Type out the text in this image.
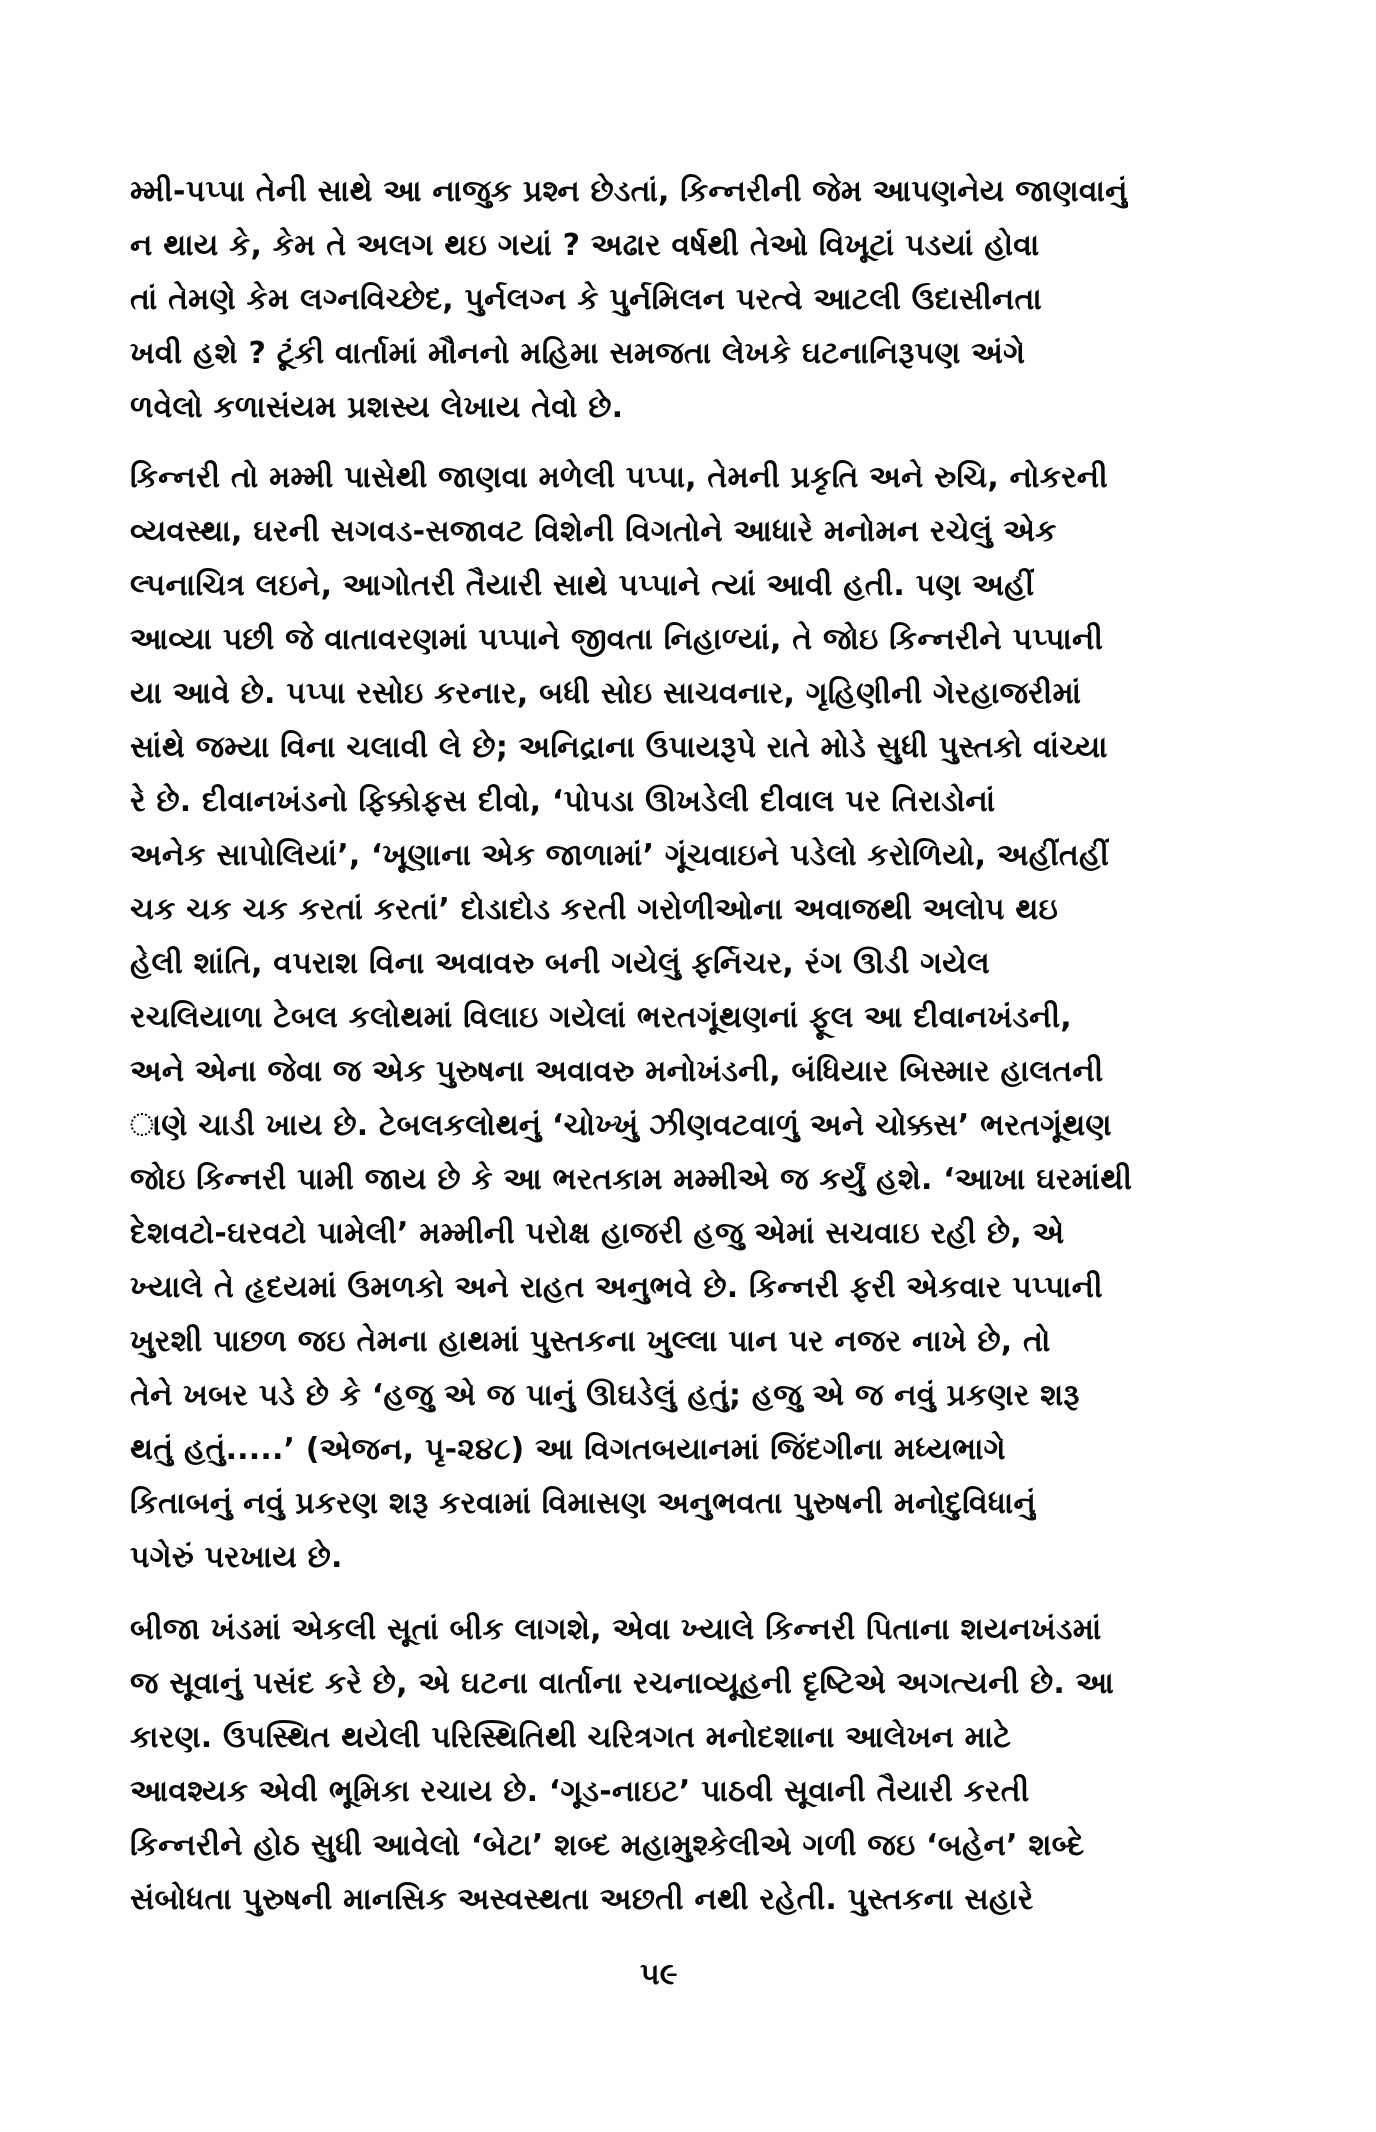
મ્મી-પપ્પા તેની સાથે આ નાજુક પ્રશ્ન છેડતાં, કિન્નરીની જેમ આપણનેય જાણવાનું
ન થાય કે, કેમ તે અલગ થઇ ગયાં ? અઢાર વર્ષથી તેઓ વિખૂટાં પડયાં હોવા
તાં તેમણે કેમ લગ્નવિચ્છેદ, પુર્નલગ્ન કે પુર્નમિલન પરત્વે આટલી ઉદાસીનતા
ખવી હશે ? ટૂંકી વાર્તામાં મૌનનો મહિમા સમજતા લેખકે ઘટનાનિરૂપણ અંગે
ળવેલો કળાસંયમ પ્રશસ્ય લેખાય તેવો છે.
કિન્નરી તો મમ્મી પાસેથી જાણવા મળેલી પપ્પા, તેમની પ્રકૃતિ અને રુચિ, નોકરની
વ્યવસ્થા, ઘરની સગવડ-સજાવટ વિશેની વિગતોને આધારે મનોમન રચેલું એક
લ્પનાચિત્ર લઇને, આગોતરી તૈયારી સાથે પપ્પાને ત્યાં આવી હતી. પણ અહીં
આવ્યા પછી જે વાતાવરણમાં પપ્પાને જીવતા નિહાળ્યાં, તે જોઇ કિન્નરીને પપ્પાની
યા આવે છે. પપ્પા રસોઇ કરનાર, બધી સોઇ સાચવનાર, ગૃહિણીની ગેરહાજરીમાં
સાંથે જમ્યા વિના ચલાવી લે છે; અનિદ્રાના ઉપાયરૂપે રાતે મોડે સુધી પુસ્તકો વાંચ્યા
રે છે. દીવાનખંડનો ફિક્કોફસ દીવો, ‘પોપડા ઊખડેલી દીવાલ પર તિરાડોનાં
અનેક સાપોલિયાં’, ‘ખૂણાના એક જાળામાં’ ગૂંચવાઇને પડેલો કરોળિયો, અહીંતહીં
ચક ચક ચક કરતાં કરતાં’ દોડાદોડ કરતી ગરોળીઓના અવાજથી અલોપ થઇ
હેલી શાંતિ, વપરાશ વિના અવાવરુ બની ગયેલું ફર્નિચર, રંગ ઊડી ગયેલ
રચલિયાળા ટેબલ કલોથમાં વિલાઇ ગયેલાં ભરતગૂંથણનાં ફૂલ આ દીવાનખંડની,
અને એના જેવા જ એક પુરુષના અવાવરુ મનોખંડની, બંધિયાર બિસ્માર હાલતની
ાણે ચાડી ખાય છે. ટેબલકલોથનું ‘ચોખ્ખું ઝીણવટવાળું અને ચોક્કસ’ ભરતગૂંથણ
જોઇ કિન્નરી પામી જાય છે કે આ ભરતકામ મમ્મીએ જ કર્યું હશે. ‘આખા ઘરમાંથી
દેશવટો-ઘરવટો પામેલી’ મમ્મીની પરોક્ષ હાજરી હજુ એમાં સચવાઇ રહી છે, એ
ખ્યાલે તે હૃદયમાં ઉમળકો અને રાહત અનુભવે છે. કિન્નરી ફરી એકવાર પપ્પાની
ખુરશી પાછળ જઇ તેમના હાથમાં પુસ્તકના ખુલ્લા પાન પર નજર નાખે છે, તો
તેને ખબર પડે છે કે ‘હજુ એ જ પાનું ઊઘડેલું હતું; હજુ એ જ નવું પ્રકણર શરૂ
થતું હતું.....’ (એજન, પૃ-૨૪૮) આ વિગતબયાનમાં જિંદગીના મધ્યભાગે
કિતાબનું નવું પ્રકરણ શરૂ કરવામાં વિમાસણ અનુભવતા પુરુષની મનોદુવિધાનું
પગેરું પરખાય છે.
બીજા ખંડમાં એકલી સૂતાં બીક લાગશે, એવા ખ્યાલે કિન્નરી પિતાના શયનખંડમાં
જ સૂવાનું પસંદ કરે છે, એ ઘટના વાર્તાના રચનાવ્યૂહની દૃષ્ટિએ અગત્યની છે. આ
કારણ. ઉપસ્થિત થયેલી પરિસ્થિતિથી ચરિત્રગત મનોદશાના આલેખન માટે
આવશ્યક એવી ભૂમિકા રચાય છે. ‘ગૂડ-નાઇટ’ પાઠવી સૂવાની તૈયારી કરતી
કિન્નરીને હોઠ સુધી આવેલો ‘બેટા’ શબ્દ મહામુશ્કેલીએ ગળી જઇ ‘બહેન’ શબ્દે
સંબોધતા પુરુષની માનસિક અસ્વસ્થતા અછતી નથી રહેતી. પુસ્તકના સહારે
૫૯
